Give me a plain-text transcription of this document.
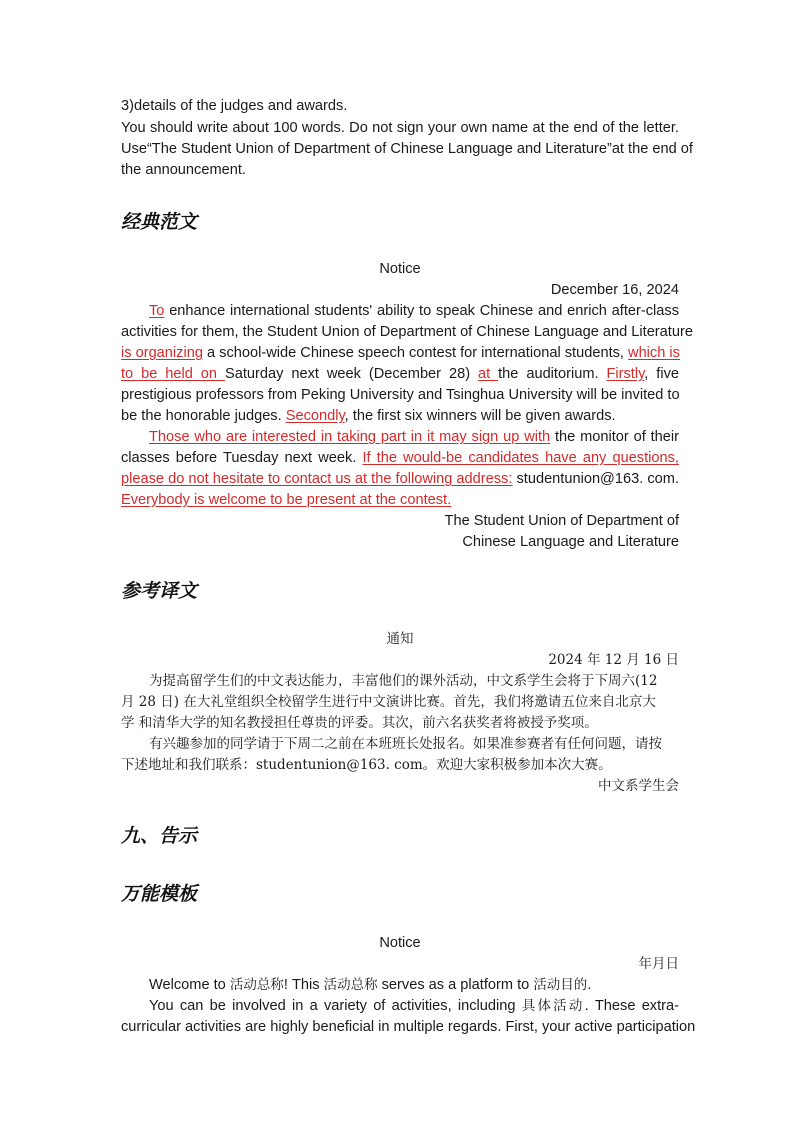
3)details of the judges and awards.
You should write about 100 words. Do not sign your own name at the end of the letter.
Use“The Student Union of Department of Chinese Language and Literature”at the end of
the announcement.
经典范文
Notice
December 16, 2024
To enhance international students' ability to speak Chinese and enrich after-class
activities for them, the Student Union of Department of Chinese Language and Literature
is organizing a school-wide Chinese speech contest for international students, which is
to be held on Saturday next week (December 28) at the auditorium. Firstly, five
prestigious professors from Peking University and Tsinghua University will be invited to
be the honorable judges. Secondly, the first six winners will be given awards.
Those who are interested in taking part in it may sign up with the monitor of their
classes before Tuesday next week. If the would-be candidates have any questions,
please do not hesitate to contact us at the following address: studentunion@163. com.
Everybody is welcome to be present at the contest.
The Student Union of Department of
Chinese Language and Literature
参考译文
通知
2024 年 12 月 16 日
为提高留学生们的中文表达能力，丰富他们的课外活动，中文系学生会将于下周六(12
月 28 日) 在大礼堂组织全校留学生进行中文演讲比赛。首先，我们将邀请五位来自北京大
学 和清华大学的知名教授担任尊贵的评委。其次，前六名获奖者将被授予奖项。
有兴趣参加的同学请于下周二之前在本班班长处报名。如果准参赛者有任何问题，请按
下述地址和我们联系：studentunion@163. com。欢迎大家积极参加本次大赛。
中文系学生会
九、告示
万能模板
Notice
年月日
Welcome to 活动总称! This 活动总称 serves as a platform to 活动目的.
You can be involved in a variety of activities, including 具体活动. These extra-
curricular activities are highly beneficial in multiple regards. First, your active participation
